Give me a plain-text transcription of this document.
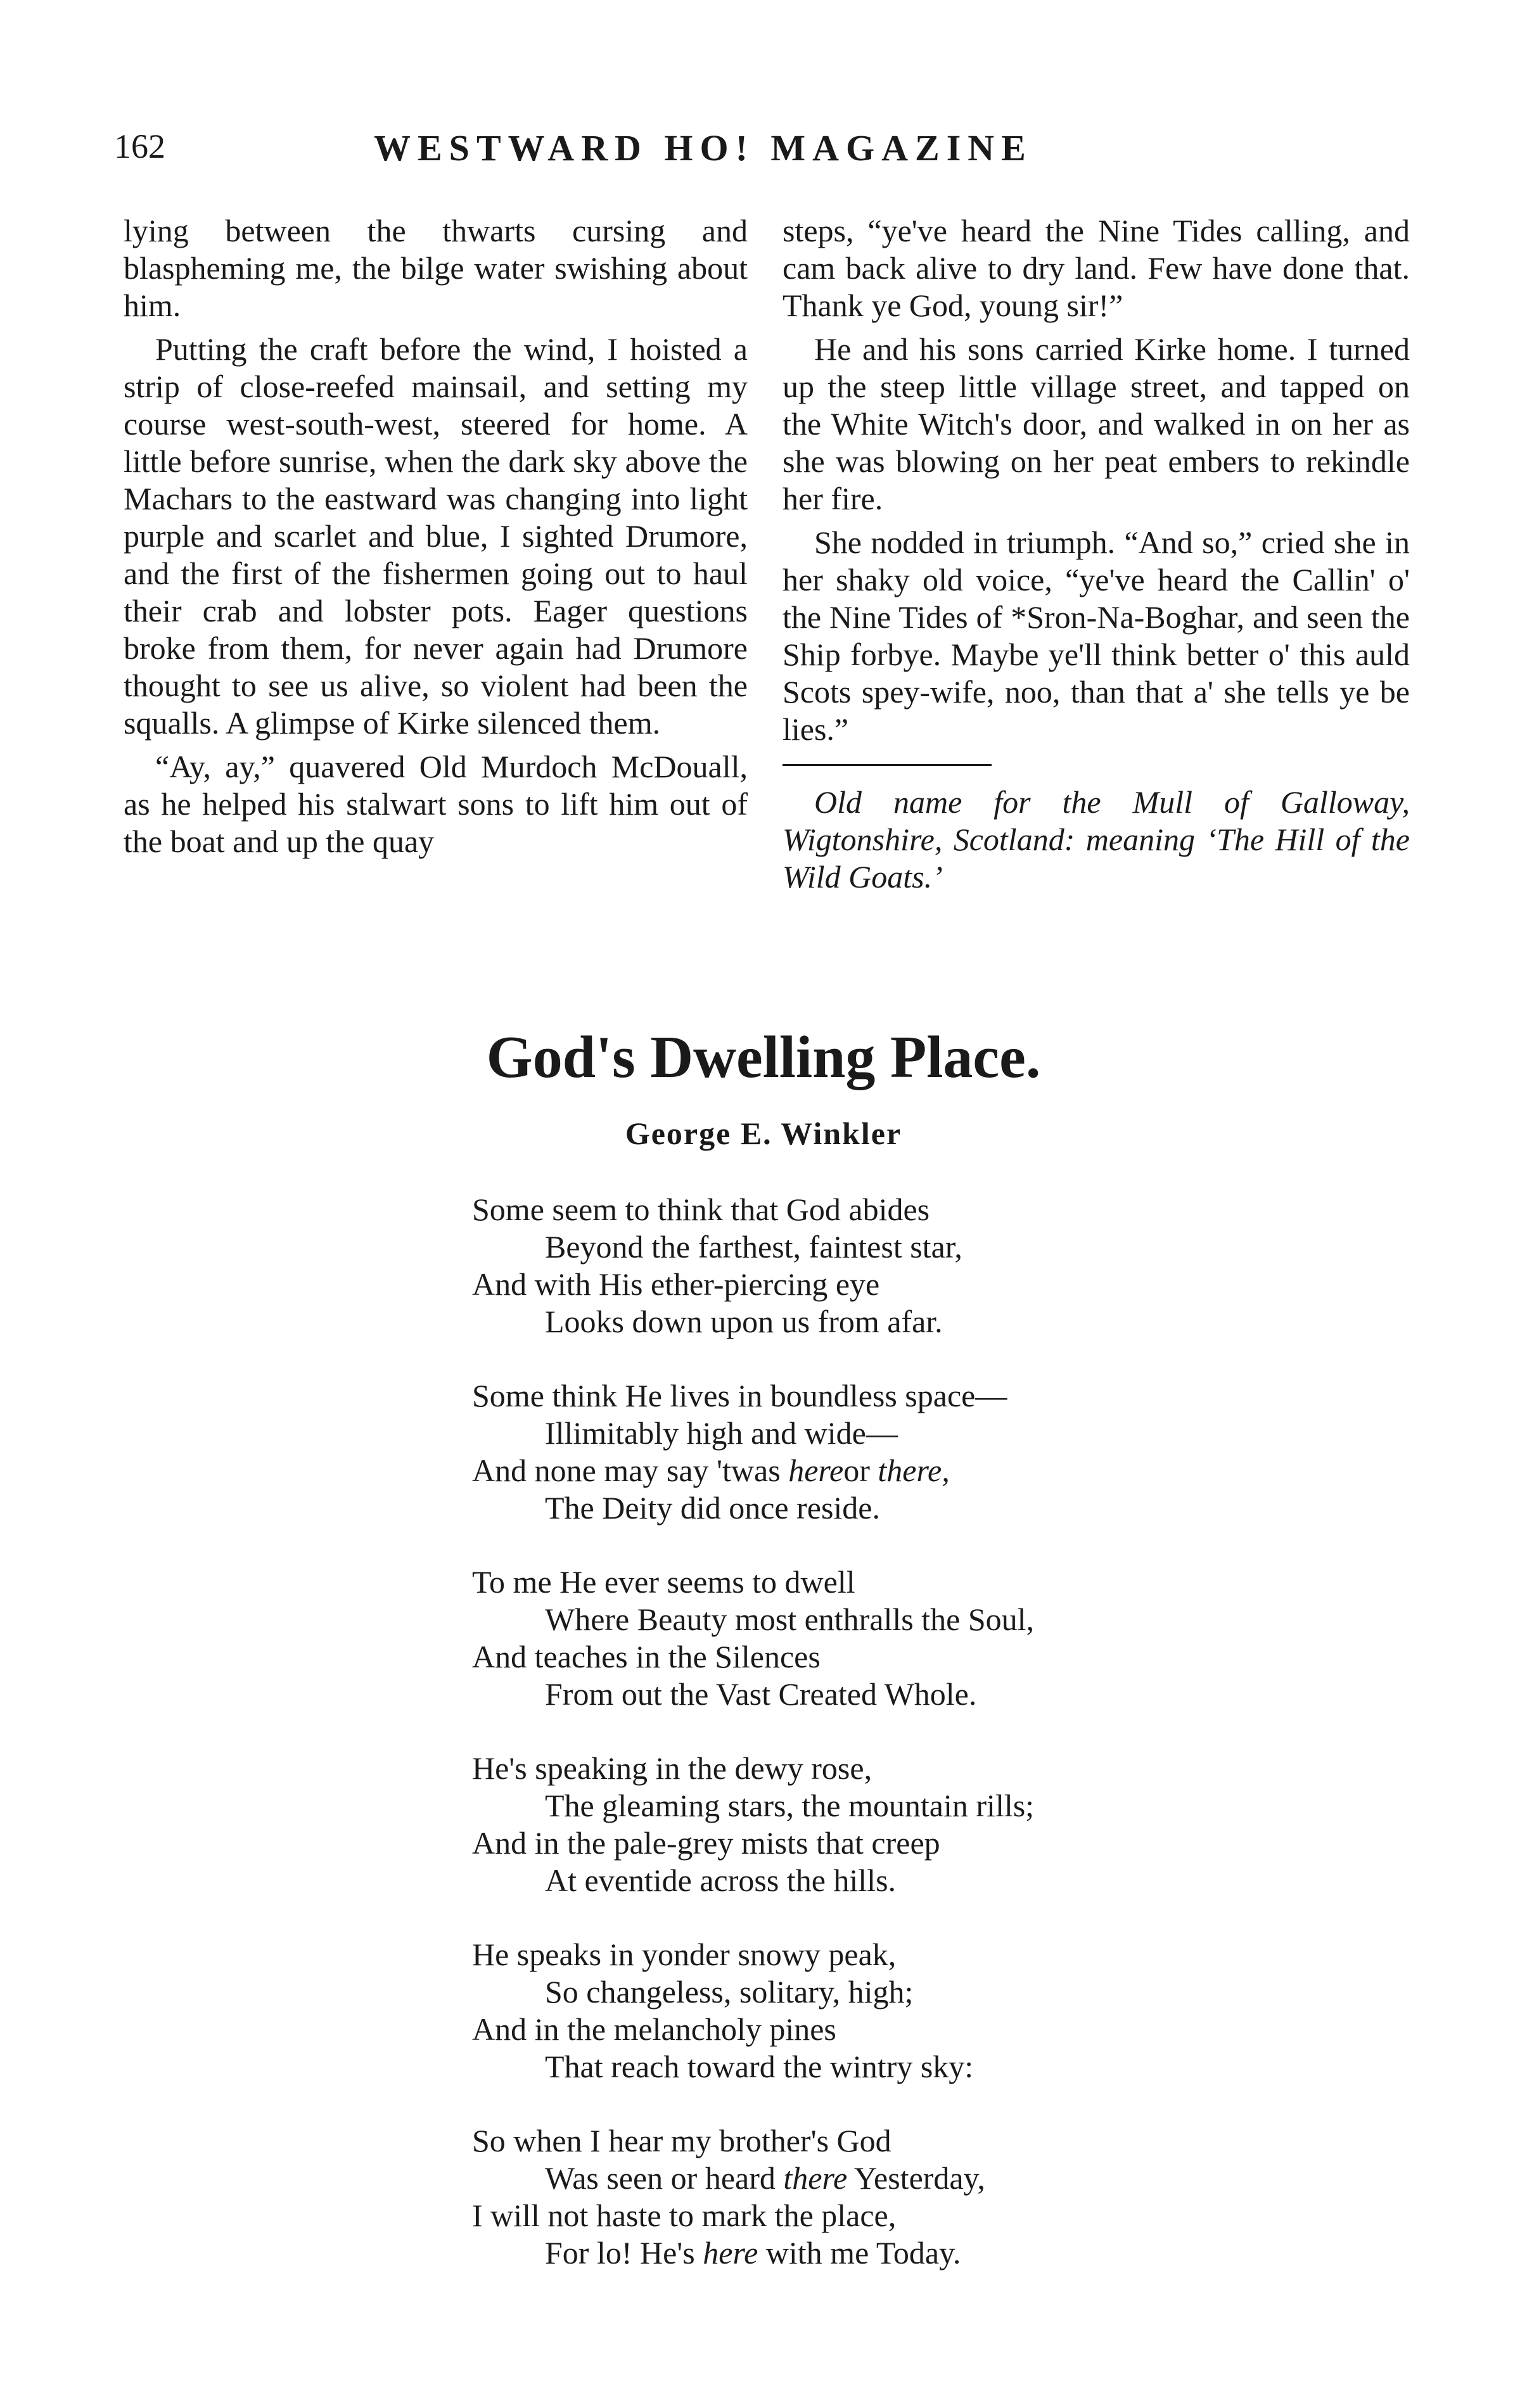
162	WESTWARD HO! MAGAZINE

lying between the thwarts cursing and blaspheming me, the bilge water swishing about him.

Putting the craft before the wind, I hoisted a strip of close-reefed mainsail, and setting my course west-south-west, steered for home. A little before sunrise, when the dark sky above the Machars to the eastward was changing into light purple and scarlet and blue, I sighted Drumore, and the first of the fishermen going out to haul their crab and lobster pots. Eager questions broke from them, for never again had Drumore thought to see us alive, so violent had been the squalls. A glimpse of Kirke silenced them.

“Ay, ay,” quavered Old Murdoch McDouall, as he helped his stalwart sons to lift him out of the boat and up the quay

steps, “ye've heard the Nine Tides calling, and cam back alive to dry land. Few have done that. Thank ye God, young sir!”

He and his sons carried Kirke home. I turned up the steep little village street, and tapped on the White Witch's door, and walked in on her as she was blowing on her peat embers to rekindle her fire.

She nodded in triumph. “And so,” cried she in her shaky old voice, “ye've heard the Callin' o' the Nine Tides of *Sron-Na-Boghar, and seen the Ship forbye. Maybe ye'll think better o' this auld Scots spey-wife, noo, than that a' she tells ye be lies.”

Old name for the Mull of Galloway, Wigtonshire, Scotland: meaning ‘The Hill of the Wild Goats.’

God's Dwelling Place.
George E. Winkler
Some seem to think that God abides
Beyond the farthest, faintest star,
And with His ether-piercing eye
Looks down upon us from afar.
Some think He lives in boundless space—
Illimitably high and wide—
And none may say 'twas hereor there,
The Deity did once reside.
To me He ever seems to dwell
Where Beauty most enthralls the Soul,
And teaches in the Silences
From out the Vast Created Whole.
He's speaking in the dewy rose,
The gleaming stars, the mountain rills;
And in the pale-grey mists that creep
At eventide across the hills.
He speaks in yonder snowy peak,
So changeless, solitary, high;
And in the melancholy pines
That reach toward the wintry sky:
So when I hear my brother's God
Was seen or heard there Yesterday,
I will not haste to mark the place,
For lo! He's here with me Today.
